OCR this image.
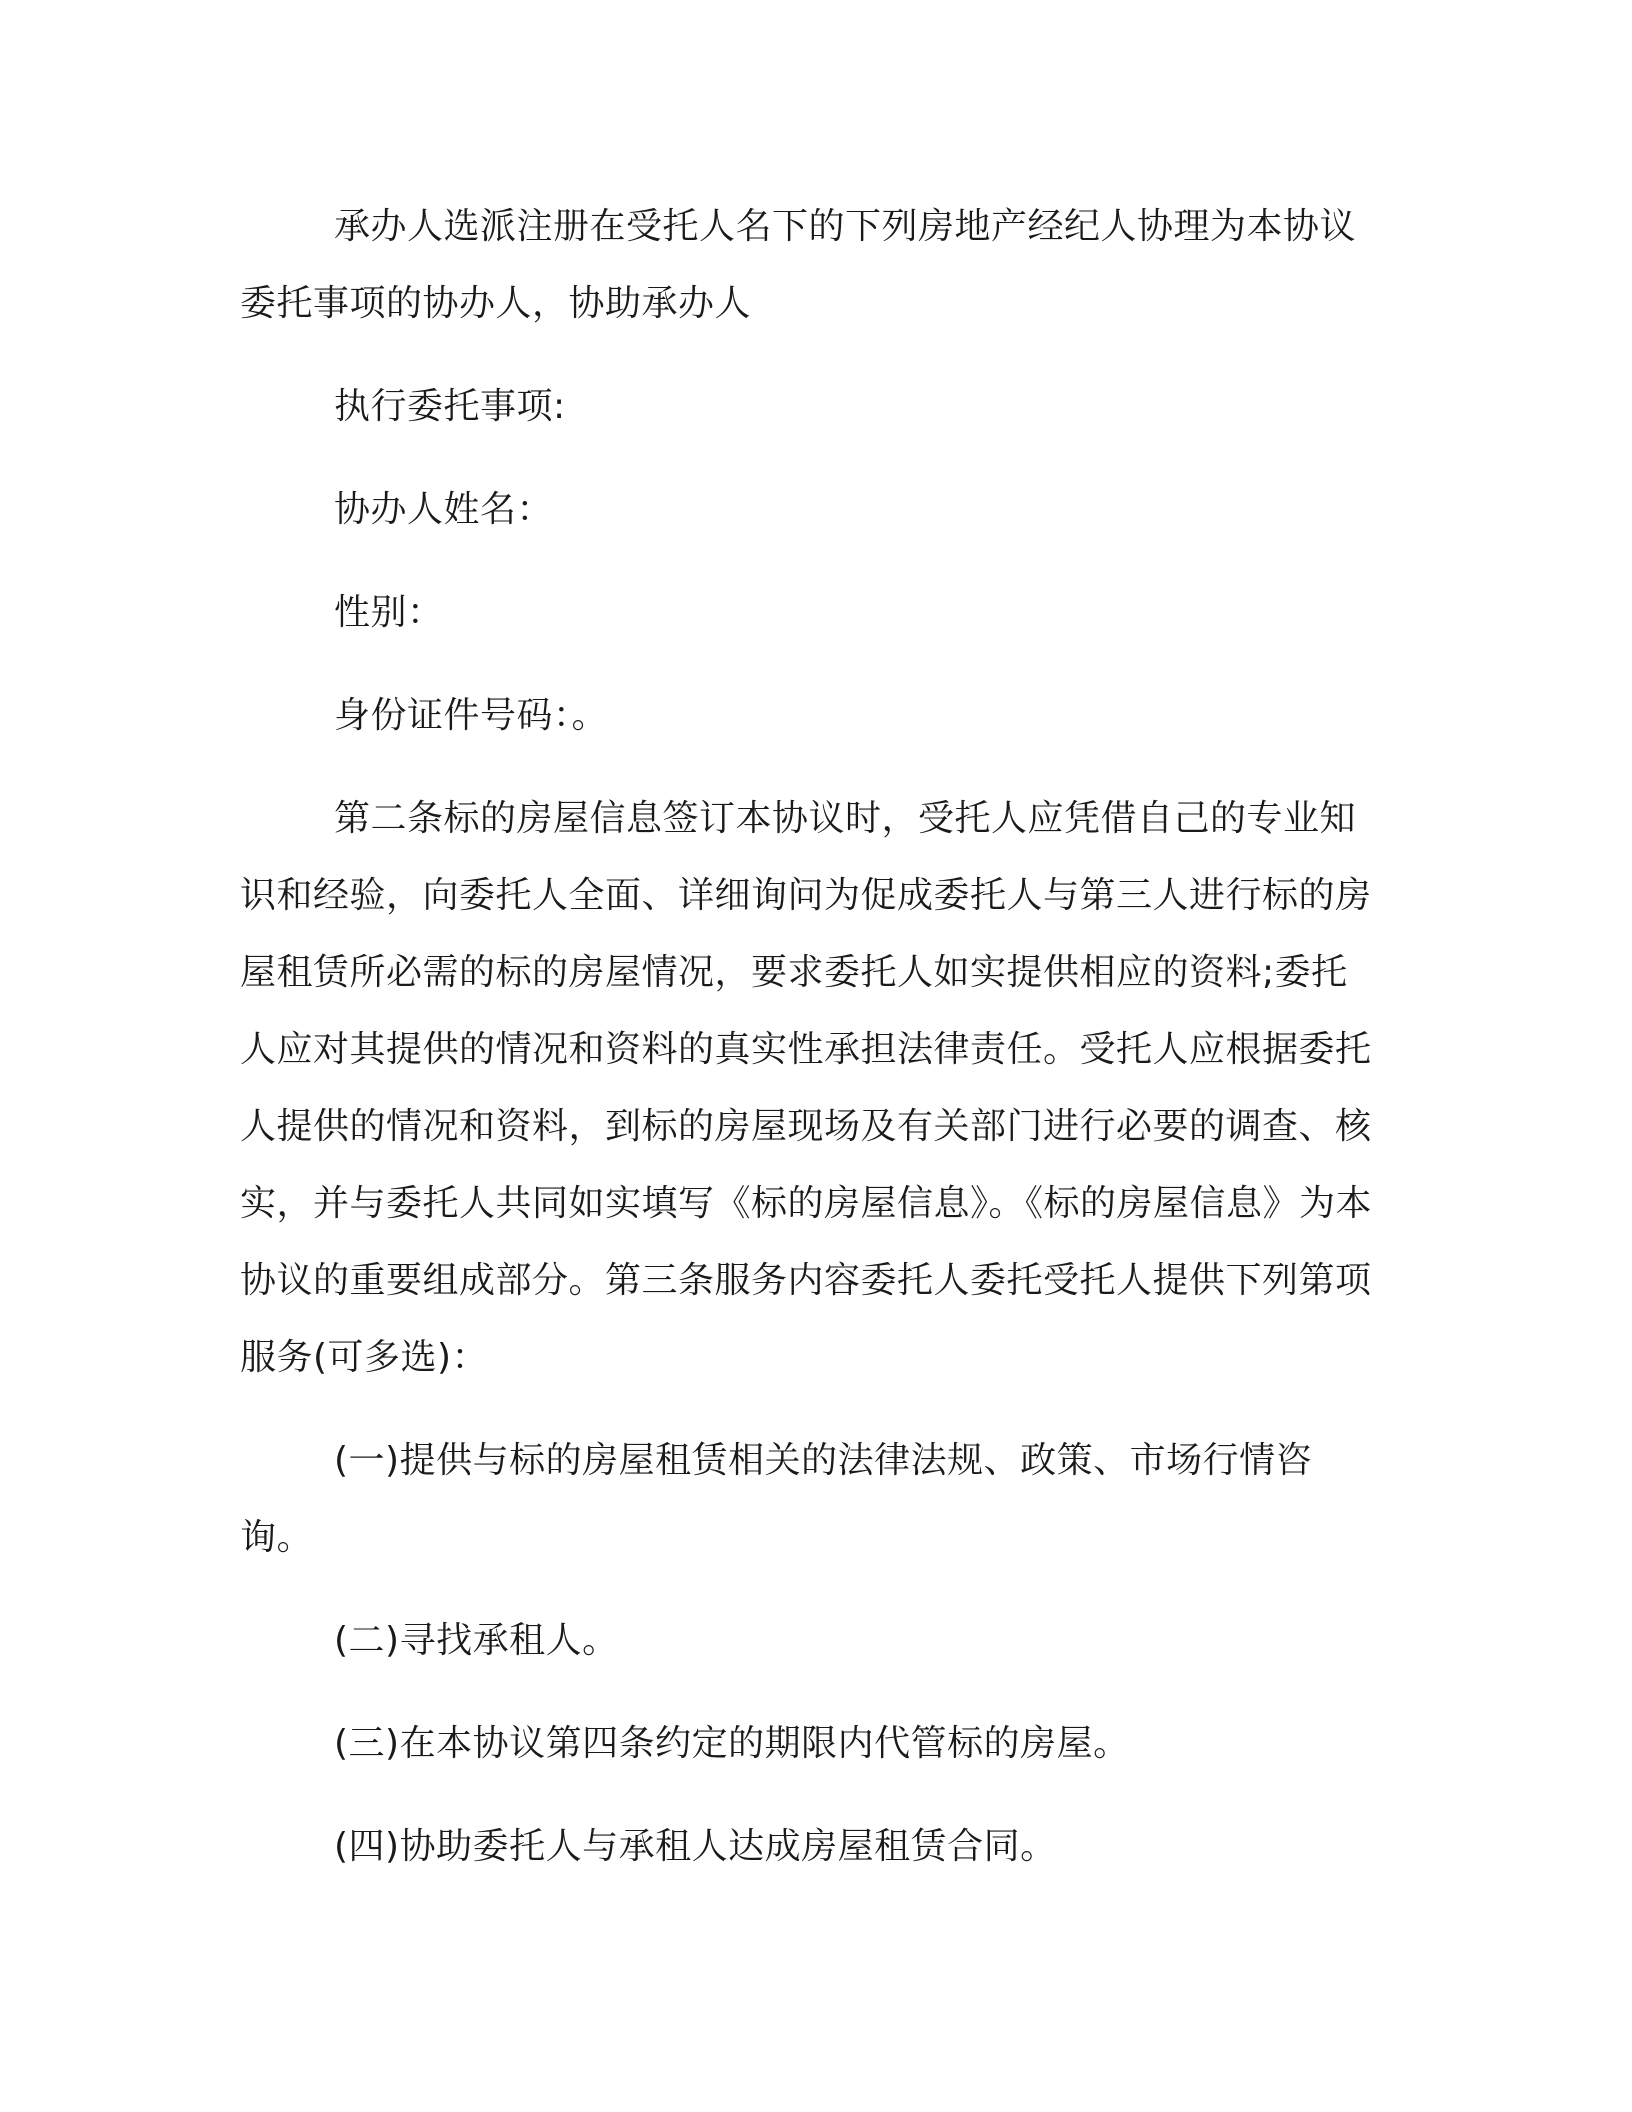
承办人选派注册在受托人名下的下列房地产经纪人协理为本协议委托事项的协办人，协助承办人

执行委托事项:

协办人姓名：

性别：

身份证件号码：。

第二条标的房屋信息签订本协议时，受托人应凭借自己的专业知识和经验，向委托人全面、详细询问为促成委托人与第三人进行标的房屋租赁所必需的标的房屋情况，要求委托人如实提供相应的资料;委托人应对其提供的情况和资料的真实性承担法律责任。受托人应根据委托人提供的情况和资料，到标的房屋现场及有关部门进行必要的调查、核实，并与委托人共同如实填写《标的房屋信息》。《标的房屋信息》为本协议的重要组成部分。第三条服务内容委托人委托受托人提供下列第项服务(可多选)：

(一)提供与标的房屋租赁相关的法律法规、政策、市场行情咨询。

(二)寻找承租人。

(三)在本协议第四条约定的期限内代管标的房屋。

(四)协助委托人与承租人达成房屋租赁合同。
